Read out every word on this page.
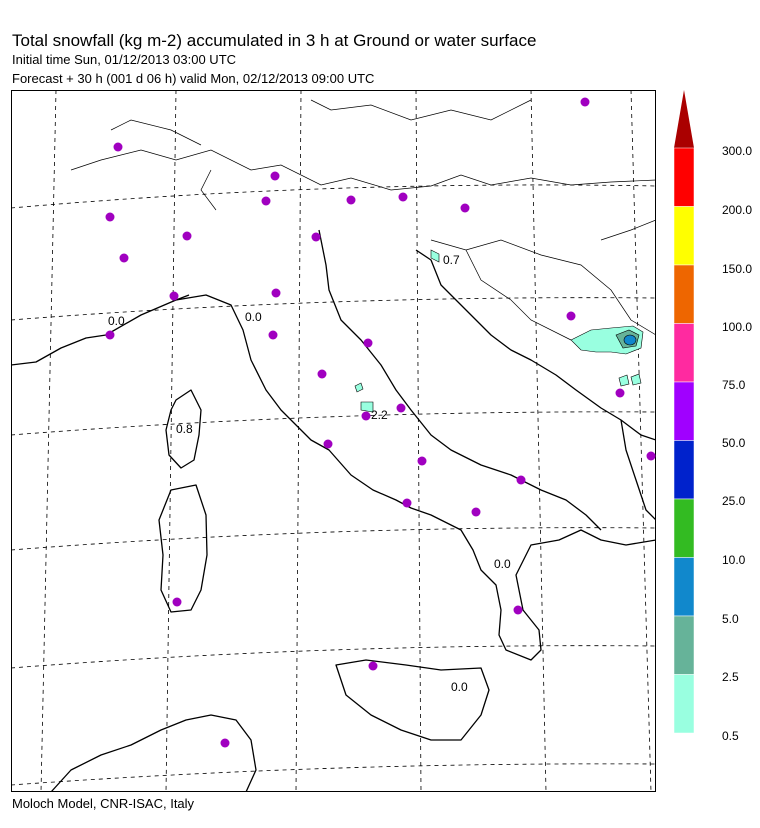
Total snowfall (kg m-2) accumulated in 3 h at Ground or water surface
Initial time Sun, 01/12/2013 03:00 UTC
Forecast + 30 h (001 d 06 h) valid Mon, 02/12/2013 09:00 UTC
0.0	0.0
0.7
0.8
2.2
0.0
0.0
300.0
200.0
150.0
100.0
75.0
50.0
25.0
10.0
5.0
2.5
0.5
Moloch Model, CNR-ISAC, Italy
